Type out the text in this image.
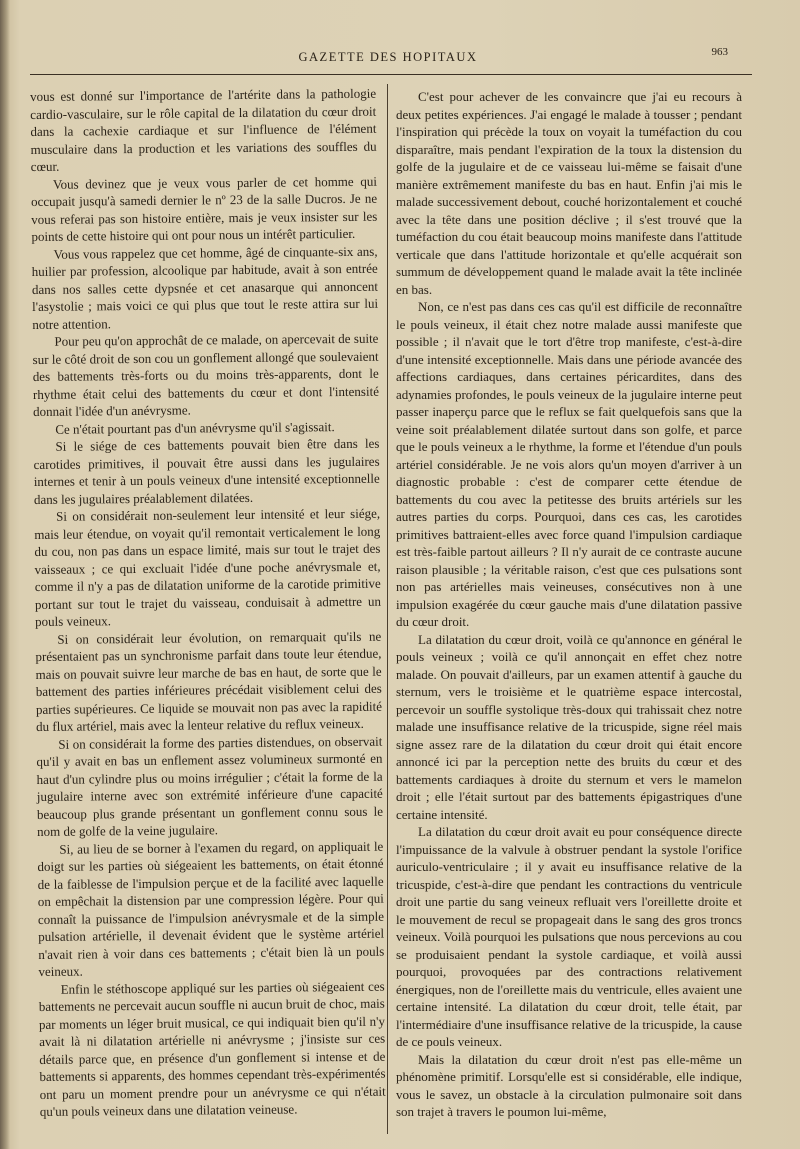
GAZETTE DES HOPITAUX	963

vous est donné sur l'importance de l'artérite dans la pathologie cardio-vasculaire, sur le rôle capital de la dilatation du cœur droit dans la cachexie cardiaque et sur l'influence de l'élément musculaire dans la production et les variations des souffles du cœur.

Vous devinez que je veux vous parler de cet homme qui occupait jusqu'à samedi dernier le nº 23 de la salle Ducros. Je ne vous referai pas son histoire entière, mais je veux insister sur les points de cette histoire qui ont pour nous un intérêt particulier.

Vous vous rappelez que cet homme, âgé de cinquante-six ans, huilier par profession, alcoolique par habitude, avait à son entrée dans nos salles cette dypsnée et cet anasarque qui annoncent l'asystolie ; mais voici ce qui plus que tout le reste attira sur lui notre attention.

Pour peu qu'on approchât de ce malade, on apercevait de suite sur le côté droit de son cou un gonflement allongé que soulevaient des battements très-forts ou du moins très-apparents, dont le rhythme était celui des battements du cœur et dont l'intensité donnait l'idée d'un anévrysme.

Ce n'était pourtant pas d'un anévrysme qu'il s'agissait.

Si le siége de ces battements pouvait bien être dans les carotides primitives, il pouvait être aussi dans les jugulaires internes et tenir à un pouls veineux d'une intensité exceptionnelle dans les jugulaires préalablement dilatées.

Si on considérait non-seulement leur intensité et leur siége, mais leur étendue, on voyait qu'il remontait verticalement le long du cou, non pas dans un espace limité, mais sur tout le trajet des vaisseaux ; ce qui excluait l'idée d'une poche anévrysmale et, comme il n'y a pas de dilatation uniforme de la carotide primitive portant sur tout le trajet du vaisseau, conduisait à admettre un pouls veineux.

Si on considérait leur évolution, on remarquait qu'ils ne présentaient pas un synchronisme parfait dans toute leur étendue, mais on pouvait suivre leur marche de bas en haut, de sorte que le battement des parties inférieures précédait visiblement celui des parties supérieures. Ce liquide se mouvait non pas avec la rapidité du flux artériel, mais avec la lenteur relative du reflux veineux.

Si on considérait la forme des parties distendues, on observait qu'il y avait en bas un enflement assez volumineux surmonté en haut d'un cylindre plus ou moins irrégulier ; c'était la forme de la jugulaire interne avec son extrémité inférieure d'une capacité beaucoup plus grande présentant un gonflement connu sous le nom de golfe de la veine jugulaire.

Si, au lieu de se borner à l'examen du regard, on appliquait le doigt sur les parties où siégeaient les battements, on était étonné de la faiblesse de l'impulsion perçue et de la facilité avec laquelle on empêchait la distension par une compression légère. Pour qui connaît la puissance de l'impulsion anévrysmale et de la simple pulsation artérielle, il devenait évident que le système artériel n'avait rien à voir dans ces battements ; c'était bien là un pouls veineux.

Enfin le stéthoscope appliqué sur les parties où siégeaient ces battements ne percevait aucun souffle ni aucun bruit de choc, mais par moments un léger bruit musical, ce qui indiquait bien qu'il n'y avait là ni dilatation artérielle ni anévrysme ; j'insiste sur ces détails parce que, en présence d'un gonflement si intense et de battements si apparents, des hommes cependant très-expérimentés ont paru un moment prendre pour un anévrysme ce qui n'était qu'un pouls veineux dans une dilatation veineuse.

C'est pour achever de les convaincre que j'ai eu recours à deux petites expériences. J'ai engagé le malade à tousser ; pendant l'inspiration qui précède la toux on voyait la tuméfaction du cou disparaître, mais pendant l'expiration de la toux la distension du golfe de la jugulaire et de ce vaisseau lui-même se faisait d'une manière extrêmement manifeste du bas en haut. Enfin j'ai mis le malade successivement debout, couché horizontalement et couché avec la tête dans une position déclive ; il s'est trouvé que la tuméfaction du cou était beaucoup moins manifeste dans l'attitude verticale que dans l'attitude horizontale et qu'elle acquérait son summum de développement quand le malade avait la tête inclinée en bas.

Non, ce n'est pas dans ces cas qu'il est difficile de reconnaître le pouls veineux, il était chez notre malade aussi manifeste que possible ; il n'avait que le tort d'être trop manifeste, c'est-à-dire d'une intensité exceptionnelle. Mais dans une période avancée des affections cardiaques, dans certaines péricardites, dans des adynamies profondes, le pouls veineux de la jugulaire interne peut passer inaperçu parce que le reflux se fait quelquefois sans que la veine soit préalablement dilatée surtout dans son golfe, et parce que le pouls veineux a le rhythme, la forme et l'étendue d'un pouls artériel considérable. Je ne vois alors qu'un moyen d'arriver à un diagnostic probable : c'est de comparer cette étendue de battements du cou avec la petitesse des bruits artériels sur les autres parties du corps. Pourquoi, dans ces cas, les carotides primitives battraient-elles avec force quand l'impulsion cardiaque est très-faible partout ailleurs ? Il n'y aurait de ce contraste aucune raison plausible ; la véritable raison, c'est que ces pulsations sont non pas artérielles mais veineuses, consécutives non à une impulsion exagérée du cœur gauche mais d'une dilatation passive du cœur droit.

La dilatation du cœur droit, voilà ce qu'annonce en général le pouls veineux ; voilà ce qu'il annonçait en effet chez notre malade. On pouvait d'ailleurs, par un examen attentif à gauche du sternum, vers le troisième et le quatrième espace intercostal, percevoir un souffle systolique très-doux qui trahissait chez notre malade une insuffisance relative de la tricuspide, signe réel mais signe assez rare de la dilatation du cœur droit qui était encore annoncé ici par la perception nette des bruits du cœur et des battements cardiaques à droite du sternum et vers le mamelon droit ; elle l'était surtout par des battements épigastriques d'une certaine intensité.

La dilatation du cœur droit avait eu pour conséquence directe l'impuissance de la valvule à obstruer pendant la systole l'orifice auriculo-ventriculaire ; il y avait eu insuffisance relative de la tricuspide, c'est-à-dire que pendant les contractions du ventricule droit une partie du sang veineux refluait vers l'oreillette droite et le mouvement de recul se propageait dans le sang des gros troncs veineux. Voilà pourquoi les pulsations que nous percevions au cou se produisaient pendant la systole cardiaque, et voilà aussi pourquoi, provoquées par des contractions relativement énergiques, non de l'oreillette mais du ventricule, elles avaient une certaine intensité. La dilatation du cœur droit, telle était, par l'intermédiaire d'une insuffisance relative de la tricuspide, la cause de ce pouls veineux.

Mais la dilatation du cœur droit n'est pas elle-même un phénomène primitif. Lorsqu'elle est si considérable, elle indique, vous le savez, un obstacle à la circulation pulmonaire soit dans son trajet à travers le poumon lui-même,
